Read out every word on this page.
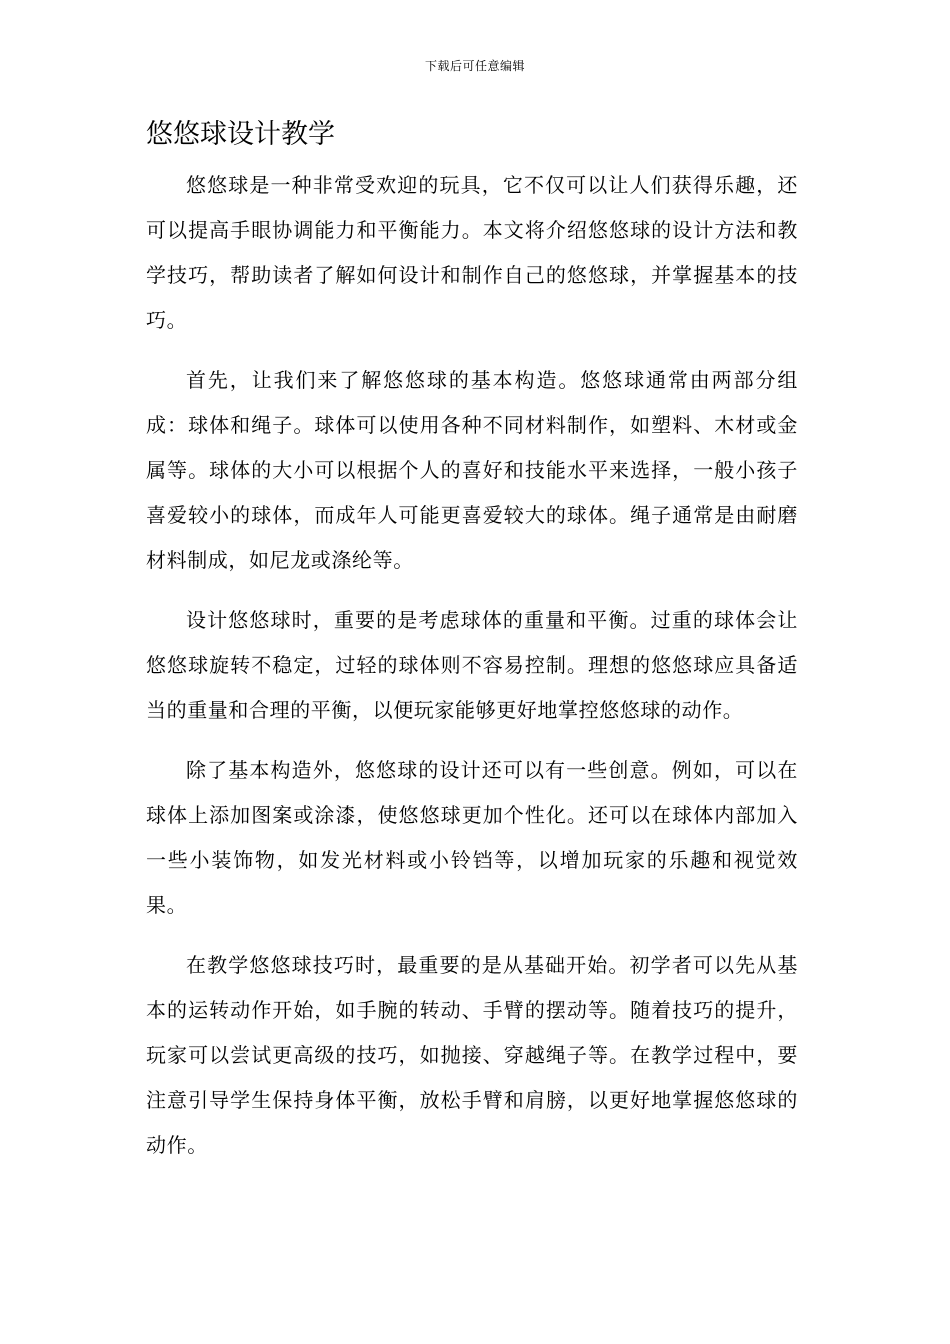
下载后可任意编辑
悠悠球设计教学

悠悠球是一种非常受欢迎的玩具，它不仅可以让人们获得乐趣，还可以提高手眼协调能力和平衡能力。本文将介绍悠悠球的设计方法和教学技巧，帮助读者了解如何设计和制作自己的悠悠球，并掌握基本的技巧。

首先，让我们来了解悠悠球的基本构造。悠悠球通常由两部分组成：球体和绳子。球体可以使用各种不同材料制作，如塑料、木材或金属等。球体的大小可以根据个人的喜好和技能水平来选择，一般小孩子喜爱较小的球体，而成年人可能更喜爱较大的球体。绳子通常是由耐磨材料制成，如尼龙或涤纶等。

设计悠悠球时，重要的是考虑球体的重量和平衡。过重的球体会让悠悠球旋转不稳定，过轻的球体则不容易控制。理想的悠悠球应具备适当的重量和合理的平衡，以便玩家能够更好地掌控悠悠球的动作。

除了基本构造外，悠悠球的设计还可以有一些创意。例如，可以在球体上添加图案或涂漆，使悠悠球更加个性化。还可以在球体内部加入一些小装饰物，如发光材料或小铃铛等，以增加玩家的乐趣和视觉效果。

在教学悠悠球技巧时，最重要的是从基础开始。初学者可以先从基本的运转动作开始，如手腕的转动、手臂的摆动等。随着技巧的提升，玩家可以尝试更高级的技巧，如抛接、穿越绳子等。在教学过程中，要注意引导学生保持身体平衡，放松手臂和肩膀，以更好地掌握悠悠球的动作。
